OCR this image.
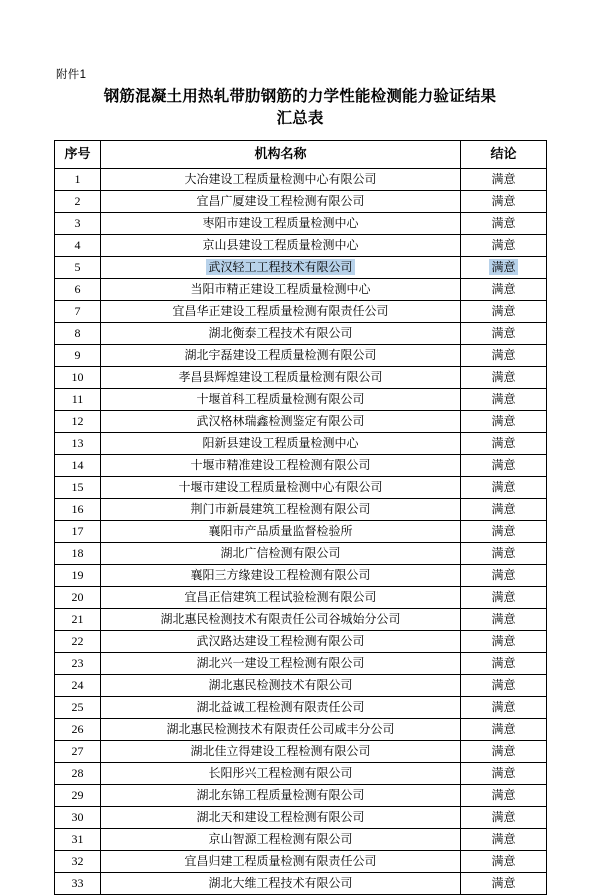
附件1
钢筋混凝土用热轧带肋钢筋的力学性能检测能力验证结果
汇总表
序号	机构名称	结论
1	大冶建设工程质量检测中心有限公司	满意
2	宜昌广厦建设工程检测有限公司	满意
3	枣阳市建设工程质量检测中心	满意
4	京山县建设工程质量检测中心	满意
5	武汉轻工工程技术有限公司	满意
6	当阳市精正建设工程质量检测中心	满意
7	宜昌华正建设工程质量检测有限责任公司	满意
8	湖北衡泰工程技术有限公司	满意
9	湖北宇磊建设工程质量检测有限公司	满意
10	孝昌县辉煌建设工程质量检测有限公司	满意
11	十堰首科工程质量检测有限公司	满意
12	武汉格林瑞鑫检测鉴定有限公司	满意
13	阳新县建设工程质量检测中心	满意
14	十堰市精准建设工程检测有限公司	满意
15	十堰市建设工程质量检测中心有限公司	满意
16	荆门市新晨建筑工程检测有限公司	满意
17	襄阳市产品质量监督检验所	满意
18	湖北广信检测有限公司	满意
19	襄阳三方缘建设工程检测有限公司	满意
20	宜昌正信建筑工程试验检测有限公司	满意
21	湖北惠民检测技术有限责任公司谷城始分公司	满意
22	武汉路达建设工程检测有限公司	满意
23	湖北兴一建设工程检测有限公司	满意
24	湖北惠民检测技术有限公司	满意
25	湖北益诚工程检测有限责任公司	满意
26	湖北惠民检测技术有限责任公司咸丰分公司	满意
27	湖北佳立得建设工程检测有限公司	满意
28	长阳彤兴工程检测有限公司	满意
29	湖北东锦工程质量检测有限公司	满意
30	湖北天和建设工程检测有限公司	满意
31	京山智源工程检测有限公司	满意
32	宜昌归建工程质量检测有限责任公司	满意
33	湖北大维工程技术有限公司	满意
